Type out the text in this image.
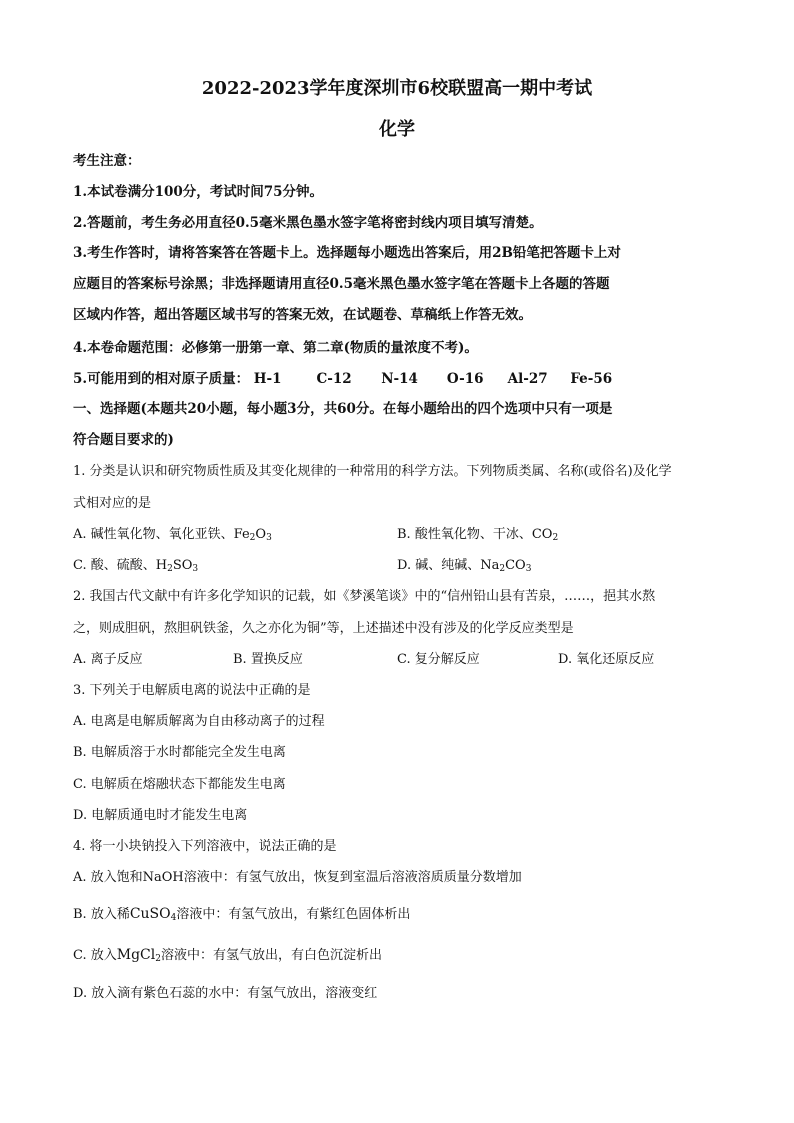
2022-2023学年度深圳市6校联盟高一期中考试
化学
考生注意：
1.本试卷满分100分，考试时间75分钟。
2.答题前，考生务必用直径0.5毫米黑色墨水签字笔将密封线内项目填写清楚。
3.考生作答时，请将答案答在答题卡上。选择题每小题选出答案后，用2B铅笔把答题卡上对
应题目的答案标号涂黑；非选择题请用直径0.5毫米黑色墨水签字笔在答题卡上各题的答题
区域内作答，超出答题区域书写的答案无效，在试题卷、草稿纸上作答无效。
4.本卷命题范围：必修第一册第一章、第二章(物质的量浓度不考)。
5.可能用到的相对原子质量： H-1	C-12 N-14 O-16 Al-27 Fe-56
一、选择题(本题共20小题，每小题3分，共60分。在每小题给出的四个选项中只有一项是
符合题目要求的)
1. 分类是认识和研究物质性质及其变化规律的一种常用的科学方法。下列物质类属、名称(或俗名)及化学
式相对应的是
A. 碱性氧化物、氧化亚铁、$Fe_2O_3$	B. 酸性氧化物、干冰、$CO_2$
C. 酸、硫酸、$H_2SO_3$	D. 碱、纯碱、$Na_2CO_3$
2. 我国古代文献中有许多化学知识的记载，如《梦溪笔谈》中的“信州铅山县有苦泉，……，挹其水熬
之，则成胆矾，熬胆矾铁釜，久之亦化为铜”等，上述描述中没有涉及的化学反应类型是
A. 离子反应	B. 置换反应	C. 复分解反应	D. 氧化还原反应
3. 下列关于电解质电离的说法中正确的是
A. 电离是电解质解离为自由移动离子的过程
B. 电解质溶于水时都能完全发生电离
C. 电解质在熔融状态下都能发生电离
D. 电解质通电时才能发生电离
4. 将一小块钠投入下列溶液中，说法正确的是
A. 放入饱和NaOH溶液中：有氢气放出，恢复到室温后溶液溶质质量分数增加
B. 放入稀CuSO$_4$溶液中：有氢气放出，有紫红色固体析出
C. 放入MgCl$_2$溶液中：有氢气放出，有白色沉淀析出
D. 放入滴有紫色石蕊的水中：有氢气放出，溶液变红
